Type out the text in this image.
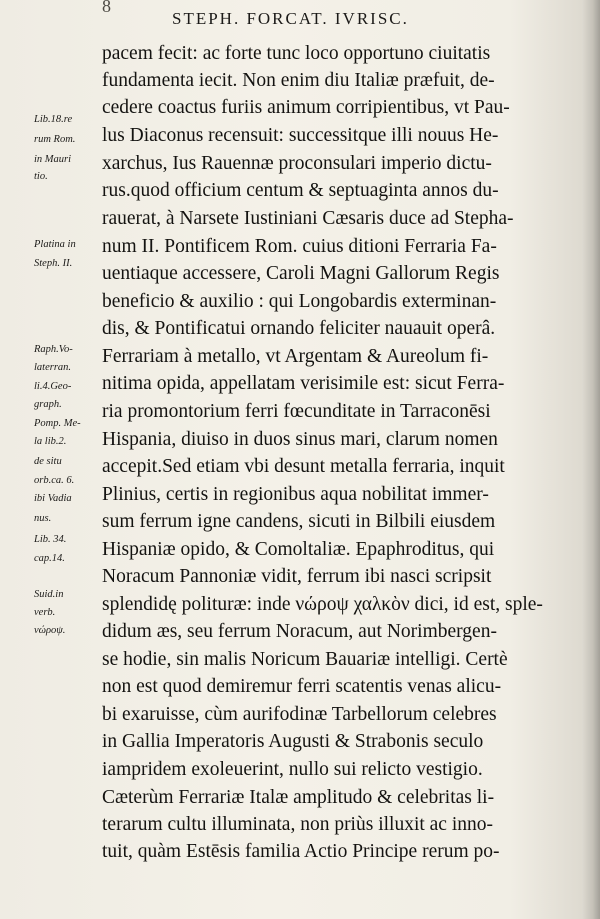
8
STEPH. FORCAT. IVRISC.
pacem fecit: ac forte tunc loco opportuno ciuitatis
fundamenta iecit. Non enim diu Italiæ præfuit, de-
cedere coactus furiis animum corripientibus, vt Pau-
lus Diaconus recensuit: successitque illi nouus He-
xarchus, Ius Rauennæ proconsulari imperio dictu-
rus.quod officium centum & septuaginta annos du-
rauerat, à Narsete Iustiniani Cæsaris duce ad Stepha-
num II. Pontificem Rom. cuius ditioni Ferraria Fa-
uentiaque accessere, Caroli Magni Gallorum Regis
beneficio & auxilio : qui Longobardis exterminan-
dis, & Pontificatui ornando feliciter nauauit operâ.
Ferrariam à metallo, vt Argentam & Aureolum fi-
nitima opida, appellatam verisimile est: sicut Ferra-
ria promontorium ferri fœcunditate in Tarraconēsi
Hispania, diuiso in duos sinus mari, clarum nomen
accepit.Sed etiam vbi desunt metalla ferraria, inquit
Plinius, certis in regionibus aqua nobilitat immer-
sum ferrum igne candens, sicuti in Bilbili eiusdem
Hispaniæ opido, & Comoltaliæ. Epaphroditus, qui
Noracum Pannoniæ vidit, ferrum ibi nasci scripsit
splendidę polituræ: inde νώροψ χαλκὸν dici, id est, sple-
didum æs, seu ferrum Noracum, aut Norimbergen-
se hodie, sin malis Noricum Bauariæ intelligi. Certè
non est quod demiremur ferri scatentis venas alicu-
bi exaruisse, cùm aurifodinæ Tarbellorum celebres
in Gallia Imperatoris Augusti & Strabonis seculo
iampridem exoleuerint, nullo sui relicto vestigio.
Cæterùm Ferrariæ Italæ amplitudo & celebritas li-
terarum cultu illuminata, non priùs illuxit ac inno-
tuit, quàm Estēsis familia Actio Principe rerum po-
Lib.18.re
rum Rom.
in Mauri
tio.
Platina in
Steph. II.
Raph.Vo-
laterran.
li.4.Geo-
graph.
Pomp. Me-
la lib.2.
de situ
orb.ca. 6.
ibi Vadia
nus.
Lib. 34.
cap.14.
Suid.in
verb.
νώροψ.
